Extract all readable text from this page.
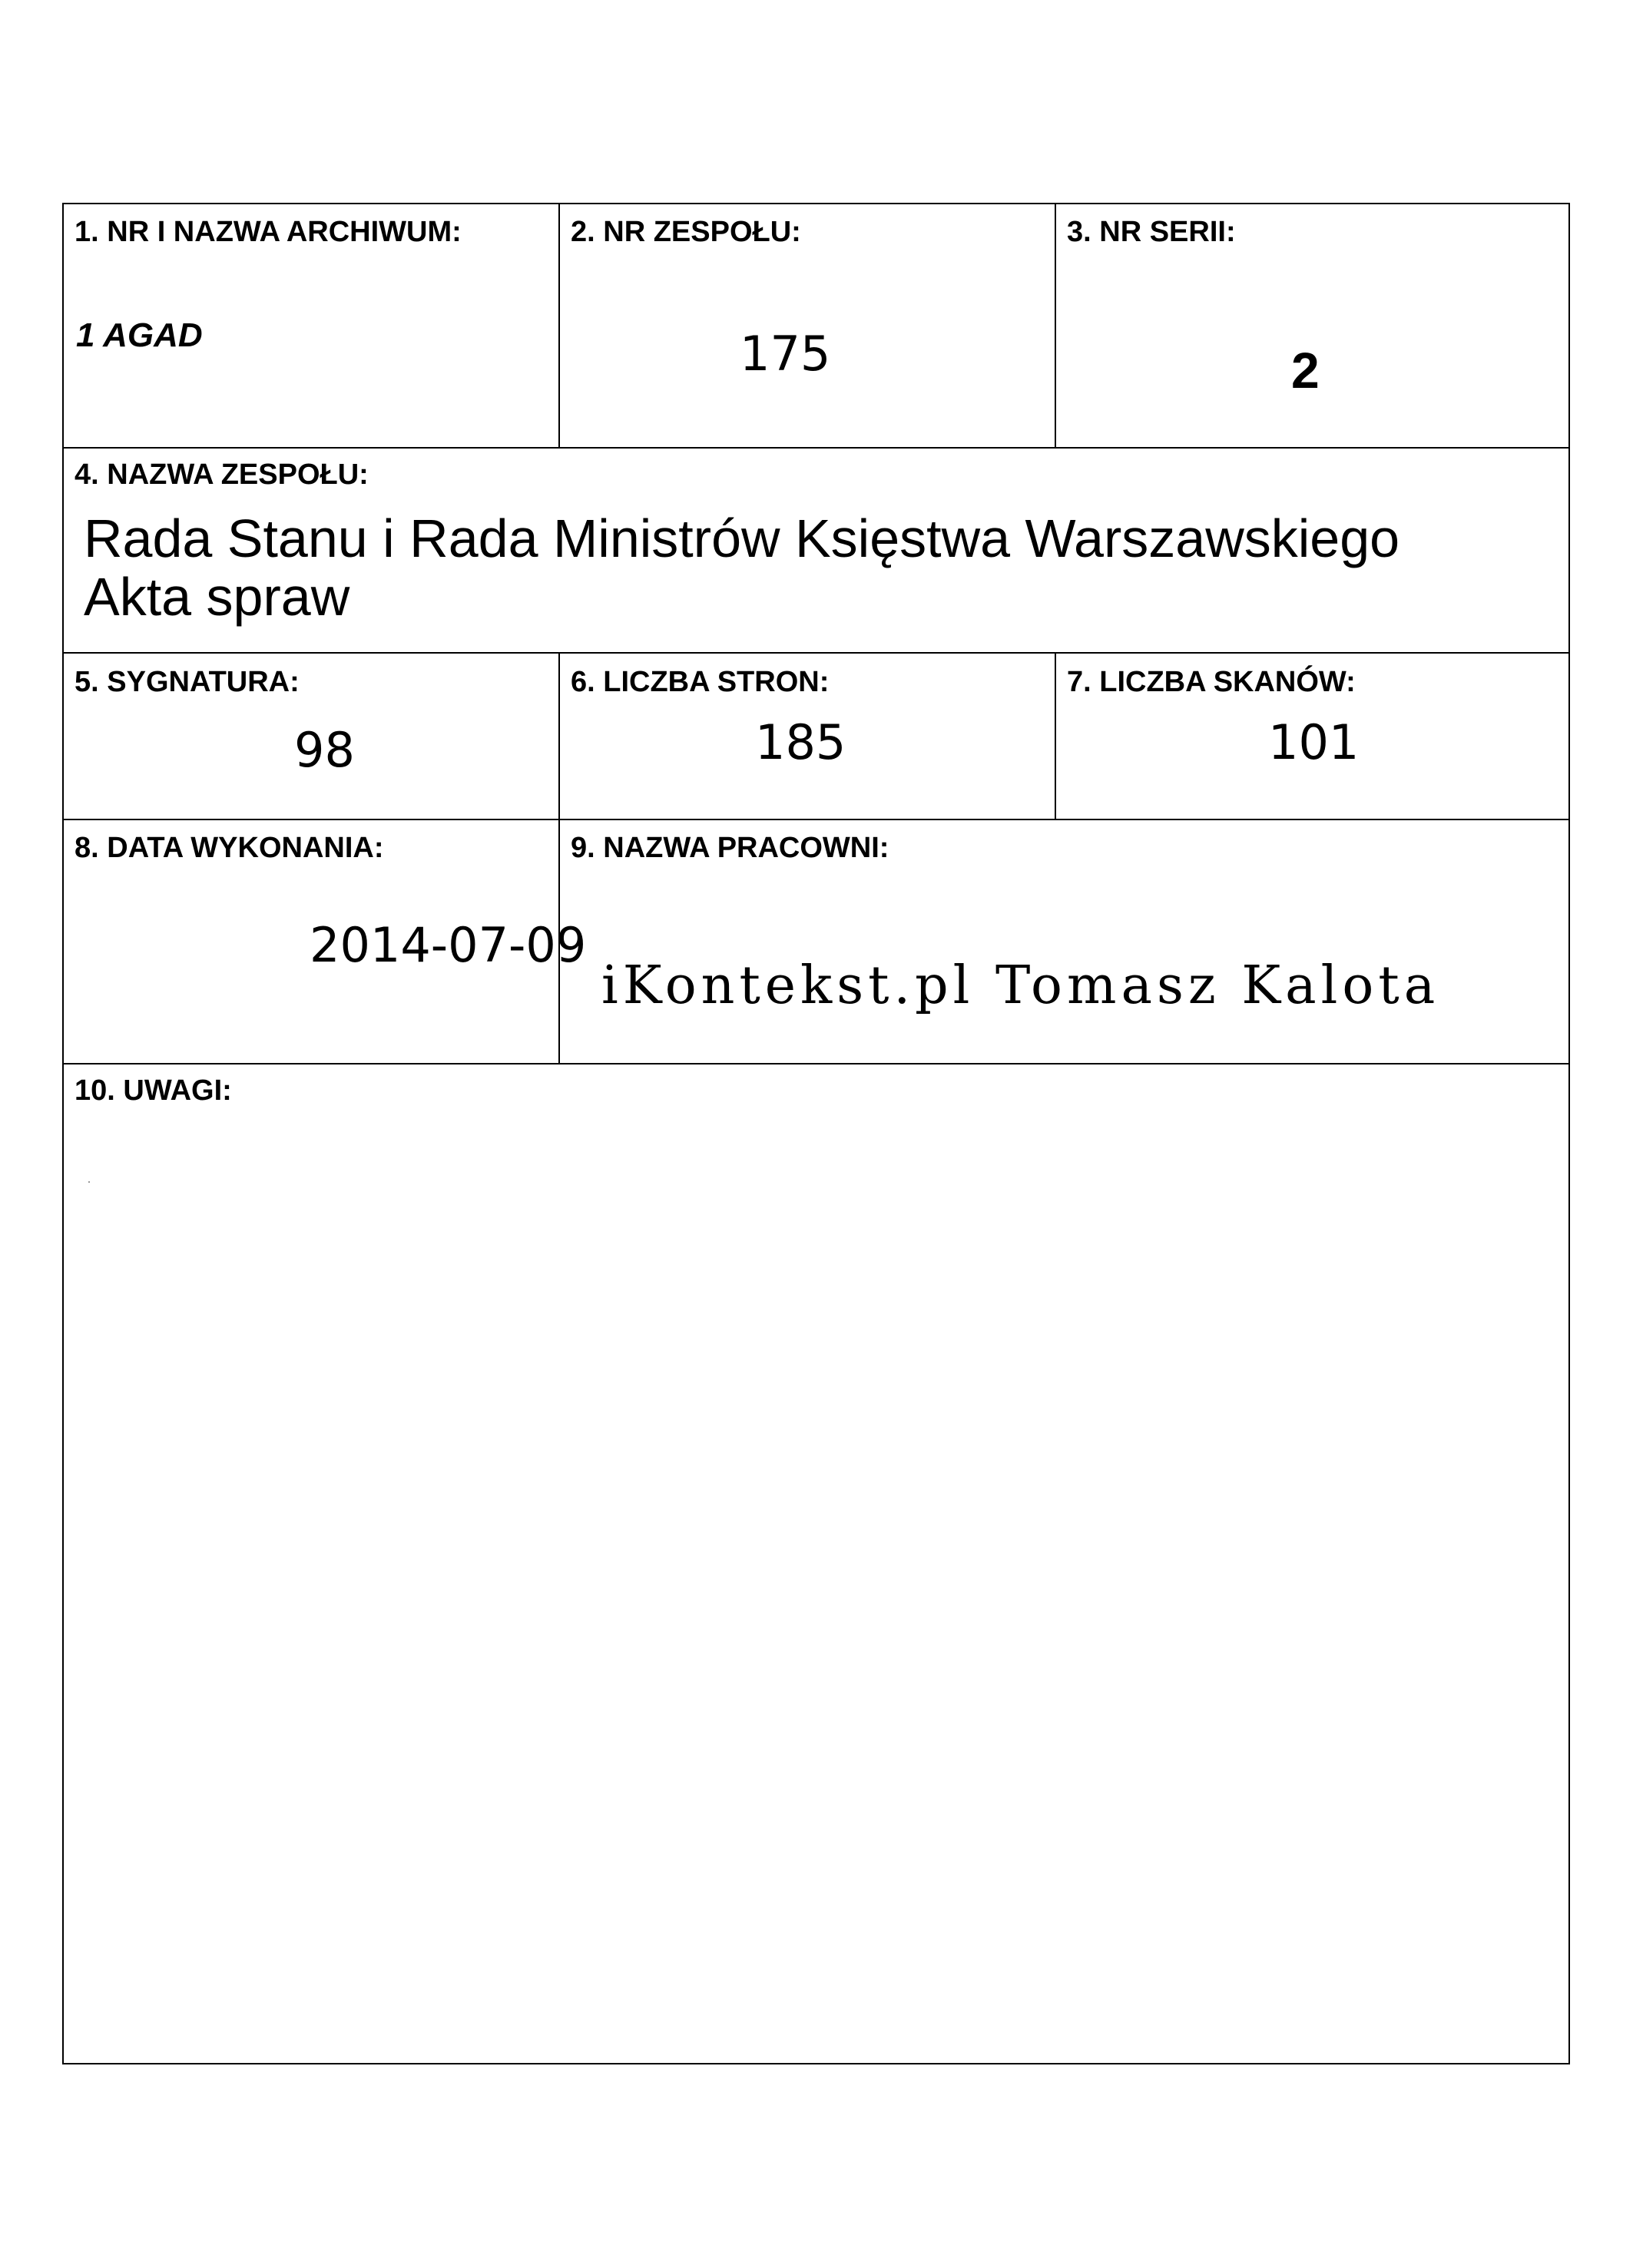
1. NR I NAZWA ARCHIWUM:
1 AGAD
2. NR ZESPOŁU:
175
3. NR SERII:
2
4. NAZWA ZESPOŁU:
Rada Stanu i Rada Ministrów Księstwa Warszawskiego
Akta spraw
5. SYGNATURA:
98
6. LICZBA STRON:
185
7. LICZBA SKANÓW:
101
8. DATA WYKONANIA:
2014-07-09
9. NAZWA PRACOWNI:
iKontekst.pl Tomasz Kalota
10. UWAGI:
